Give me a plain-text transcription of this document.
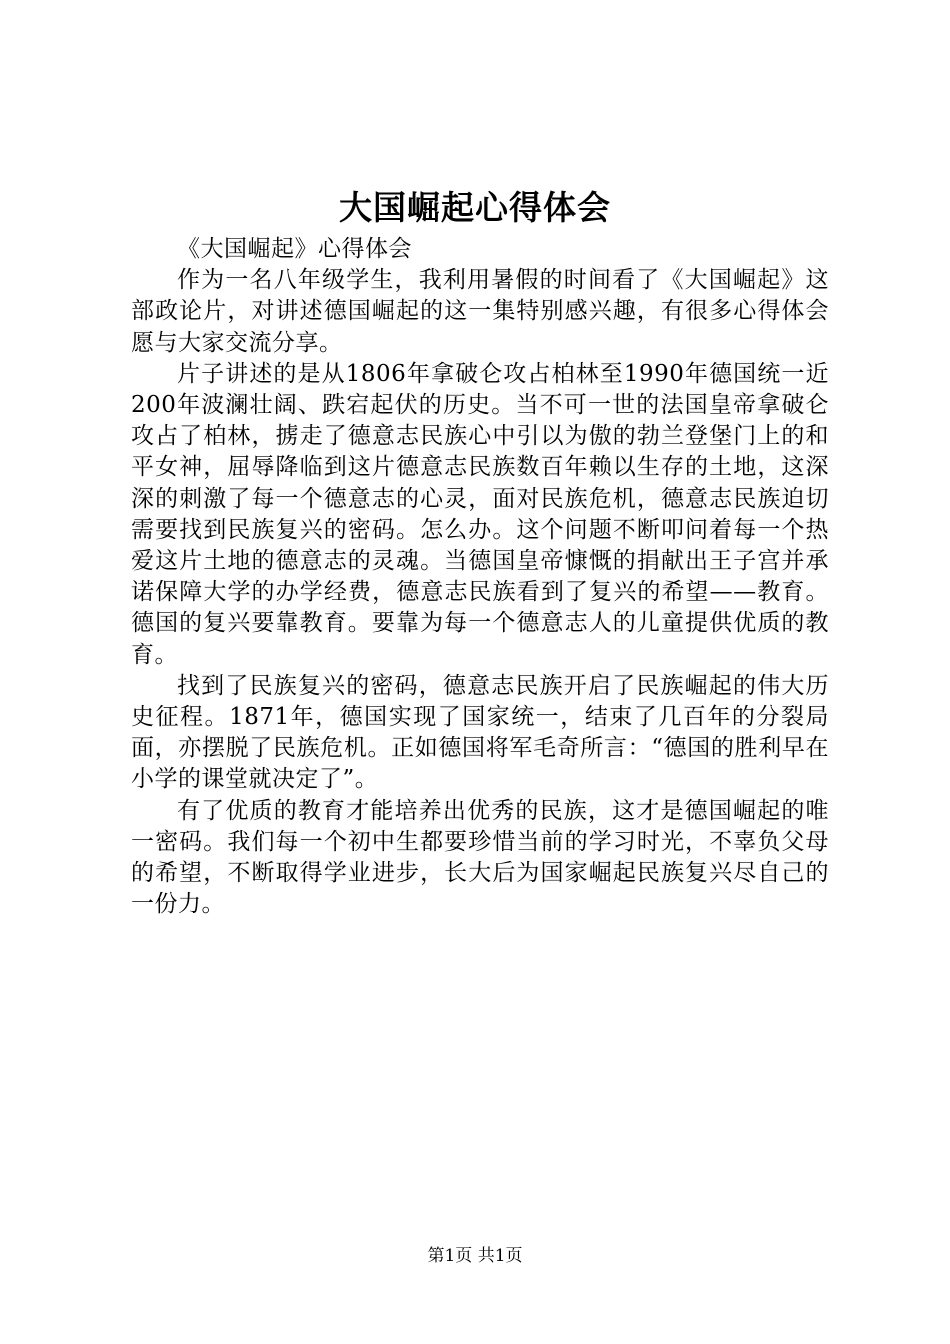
大国崛起心得体会

《大国崛起》心得体会

作为一名八年级学生，我利用暑假的时间看了《大国崛起》这部政论片，对讲述德国崛起的这一集特别感兴趣，有很多心得体会愿与大家交流分享。

片子讲述的是从1806年拿破仑攻占柏林至1990年德国统一近200年波澜壮阔、跌宕起伏的历史。当不可一世的法国皇帝拿破仑攻占了柏林，掳走了德意志民族心中引以为傲的勃兰登堡门上的和平女神，屈辱降临到这片德意志民族数百年赖以生存的土地，这深深的刺激了每一个德意志的心灵，面对民族危机，德意志民族迫切需要找到民族复兴的密码。怎么办。这个问题不断叩问着每一个热爱这片土地的德意志的灵魂。当德国皇帝慷慨的捐献出王子宫并承诺保障大学的办学经费，德意志民族看到了复兴的希望——教育。德国的复兴要靠教育。要靠为每一个德意志人的儿童提供优质的教育。

找到了民族复兴的密码，德意志民族开启了民族崛起的伟大历史征程。1871年，德国实现了国家统一，结束了几百年的分裂局面，亦摆脱了民族危机。正如德国将军毛奇所言：“德国的胜利早在小学的课堂就决定了”。

有了优质的教育才能培养出优秀的民族，这才是德国崛起的唯一密码。我们每一个初中生都要珍惜当前的学习时光，不辜负父母的希望，不断取得学业进步，长大后为国家崛起民族复兴尽自己的一份力。

第1页 共1页
